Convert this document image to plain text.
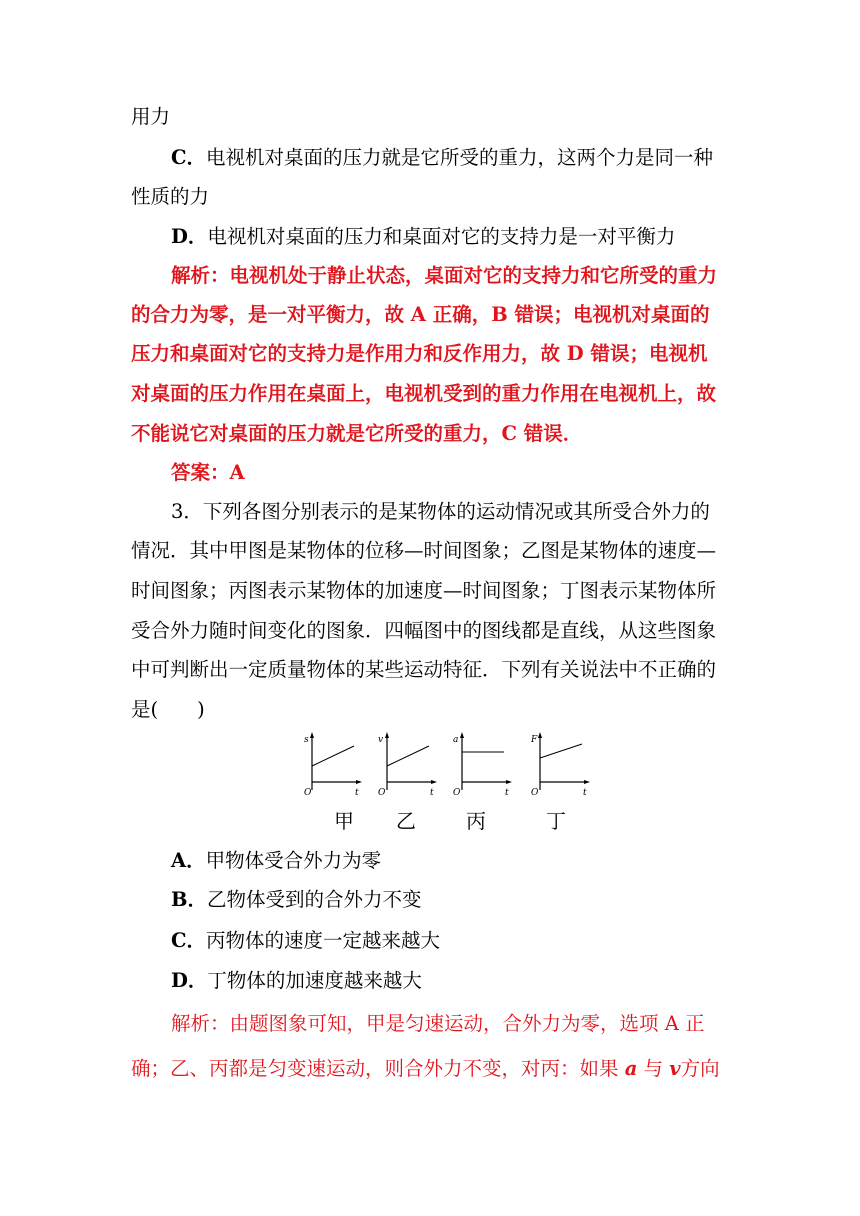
用力
C．电视机对桌面的压力就是它所受的重力，这两个力是同一种
性质的力
D．电视机对桌面的压力和桌面对它的支持力是一对平衡力
解析：电视机处于静止状态，桌面对它的支持力和它所受的重力
的合力为零，是一对平衡力，故 A 正确，B 错误；电视机对桌面的
压力和桌面对它的支持力是作用力和反作用力，故 D 错误；电视机
对桌面的压力作用在桌面上，电视机受到的重力作用在电视机上，故
不能说它对桌面的压力就是它所受的重力，C 错误．
答案：A
3．下列各图分别表示的是某物体的运动情况或其所受合外力的
情况．其中甲图是某物体的位移—时间图象；乙图是某物体的速度—
时间图象；丙图表示某物体的加速度—时间图象；丁图表示某物体所
受合外力随时间变化的图象．四幅图中的图线都是直线，从这些图象
中可判断出一定质量物体的某些运动特征．下列有关说法中不正确的
是(　　)
s
t
O
v
t
O
a
t
O
F
t
O
甲 乙	丙	丁
A．甲物体受合外力为零
B．乙物体受到的合外力不变
C．丙物体的速度一定越来越大
D．丁物体的加速度越来越大
解析：由题图象可知，甲是匀速运动，合外力为零，选项 A 正
确；乙、丙都是匀变速运动，则合外力不变，对丙：如果 a 与 v方向
